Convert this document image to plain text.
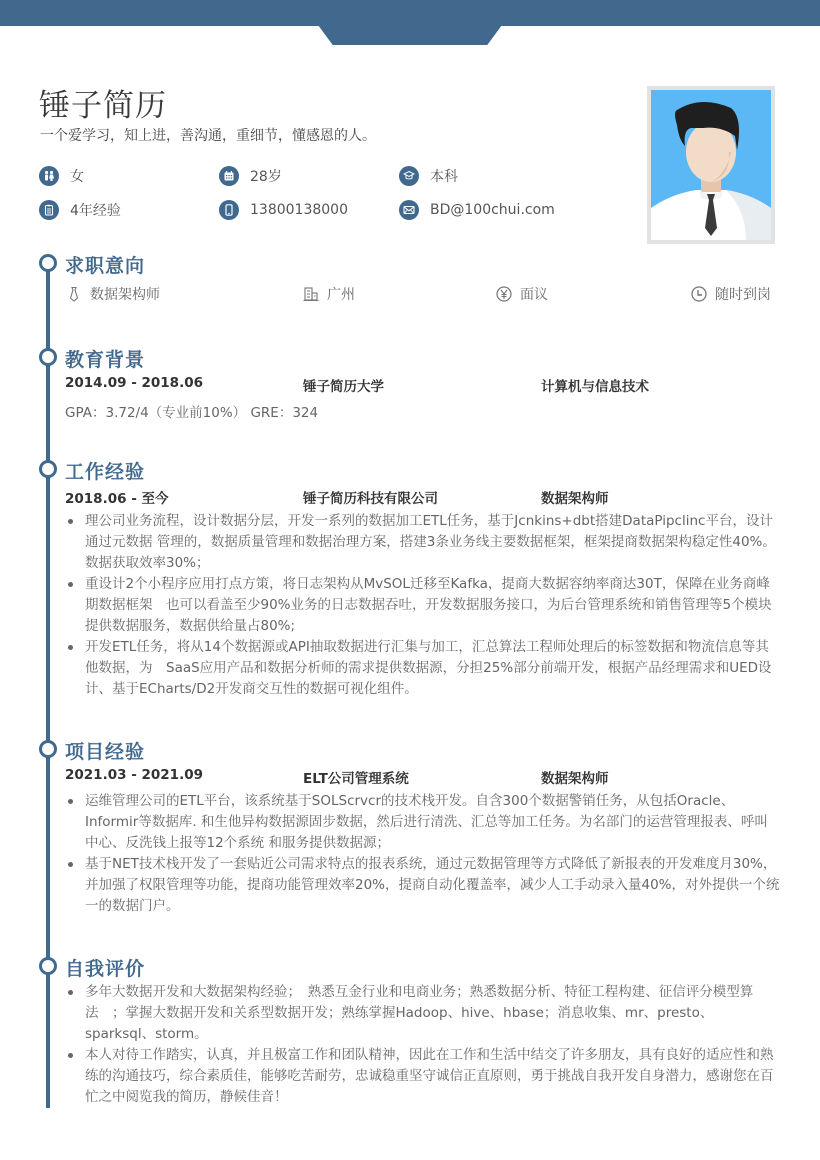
锤子简历
一个爱学习，知上进，善沟通，重细节，懂感恩的人。
女	28岁	本科
4年经验	13800138000	BD@100chui.com
求职意向
数据架构师	广州	面议	随时到岗
教育背景
2014.09 - 2018.06	锤子简历大学	计算机与信息技术
GPA：3.72/4（专业前10%） GRE：324
工作经验
2018.06 - 至今	锤子简历科技有限公司	数据架构师
理公司业务流程，设计数据分层，开发一系列的数据加工ETL任务，基于Jcnkins+dbt搭建DataPipclinc平台，设计通过元数据 管理的，数据质量管理和数据治理方案，搭建3条业务线主要数据框架，框架提商数据架构稳定性40%。数据获取效率30%；
重设计2个小程序应用打点方策，将日志架构从MvSOL迁移至Kafka，提商大数据容纳率商达30T，保障在业务商峰期数据框架　也可以看盖至少90%业务的日志数据吞吐，开发数据服务接口，为后台管理系统和销售管理等5个模块提供数据服务，数据供给量占80%;
开发ETL任务，将从14个数据源或API抽取数据进行汇集与加工，汇总算法工程师处理后的标签数据和物流信息等其他数据，为　SaaS应用产品和数据分析师的需求提供数据源，分担25%部分前端开发，根据产品经理需求和UED设计、基于ECharts/D2开发商交互性的数据可视化组件。
项目经验
2021.03 - 2021.09	ELT公司管理系统	数据架构师
运维管理公司的ETL平台，该系统基于SOLScrvcr的技术栈开发。自含300个数据警销任务，从包括Oracle、Informir等数据库. 和生他异构数据源固步数据，然后进行清洗、汇总等加工任务。为名部门的运营管理报表、呼叫中心、反洗钱上报等12个系统 和服务提供数据源；
基于NET技术栈开发了一套贴近公司需求特点的报表系统，通过元数据管理等方式降低了新报表的开发难度月30%，并加强了权限管理等功能，提商功能管理效率20%，提商自动化覆盖率，减少人工手动录入量40%，对外提供一个统一的数据门户。
自我评价
多年大数据开发和大数据架构经验；　熟悉互金行业和电商业务；熟悉数据分析、特征工程构建、征信评分模型算法　；掌握大数据开发和关系型数据开发；熟练掌握Hadoop、hive、hbase；消息收集、mr、presto、sparksql、storm。
本人对待工作踏实，认真，并且极富工作和团队精神，因此在工作和生活中结交了许多朋友，具有良好的适应性和熟练的沟通技巧，综合素质佳，能够吃苦耐劳，忠诚稳重坚守诚信正直原则，勇于挑战自我开发自身潜力，感谢您在百忙之中阅览我的简历，静候佳音！
